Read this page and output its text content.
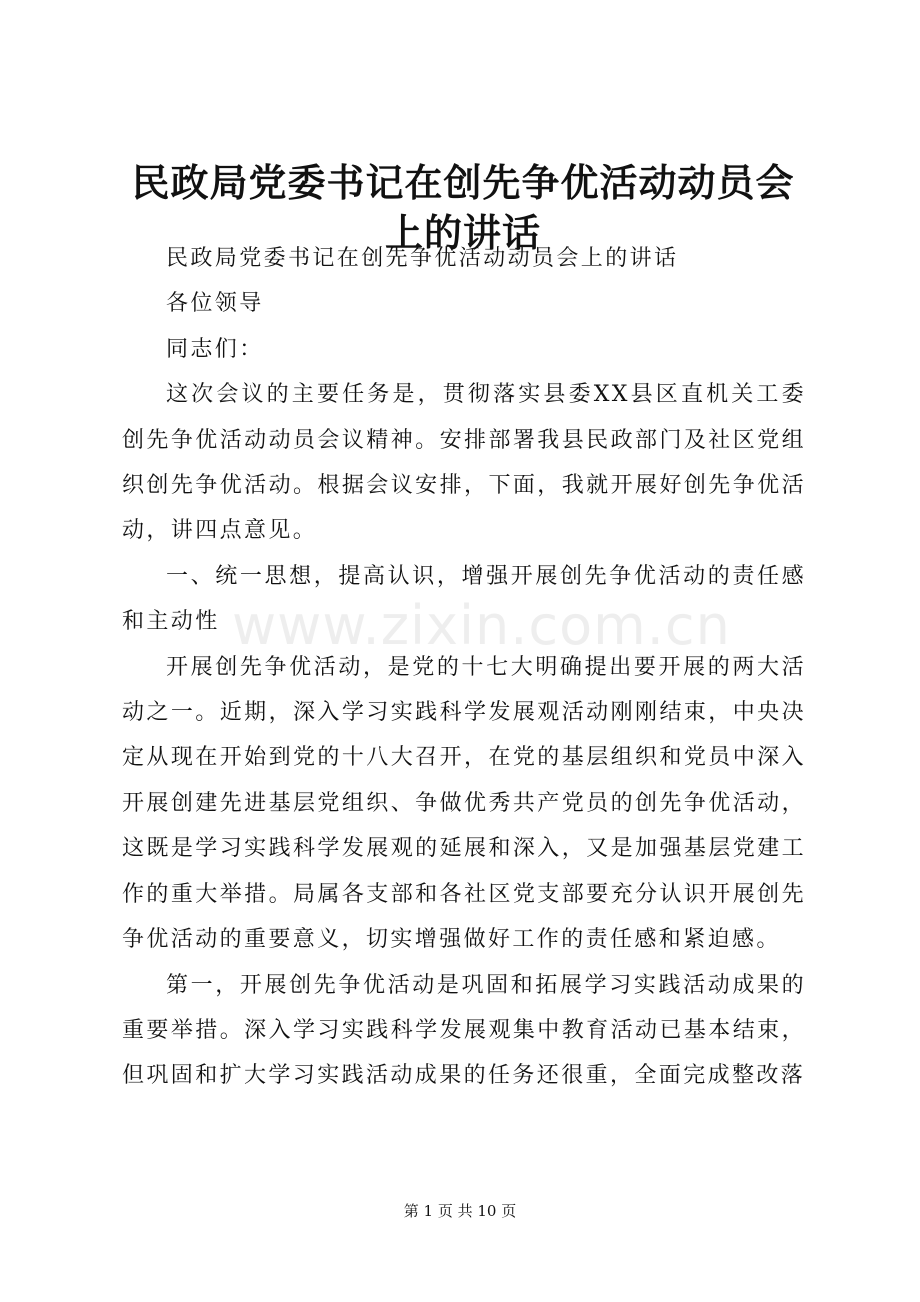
民政局党委书记在创先争优活动动员会上的讲话

民政局党委书记在创先争优活动动员会上的讲话

各位领导

同志们：

这次会议的主要任务是，贯彻落实县委XX县区直机关工委创先争优活动动员会议精神。安排部署我县民政部门及社区党组织创先争优活动。根据会议安排，下面，我就开展好创先争优活动，讲四点意见。

一、统一思想，提高认识，增强开展创先争优活动的责任感和主动性

开展创先争优活动，是党的十七大明确提出要开展的两大活动之一。近期，深入学习实践科学发展观活动刚刚结束，中央决定从现在开始到党的十八大召开，在党的基层组织和党员中深入开展创建先进基层党组织、争做优秀共产党员的创先争优活动，这既是学习实践科学发展观的延展和深入，又是加强基层党建工作的重大举措。局属各支部和各社区党支部要充分认识开展创先争优活动的重要意义，切实增强做好工作的责任感和紧迫感。

第一，开展创先争优活动是巩固和拓展学习实践活动成果的重要举措。深入学习实践科学发展观集中教育活动已基本结束，但巩固和扩大学习实践活动成果的任务还很重，全面完成整改落

www.zixin.com.cn
第 1 页 共 10 页
